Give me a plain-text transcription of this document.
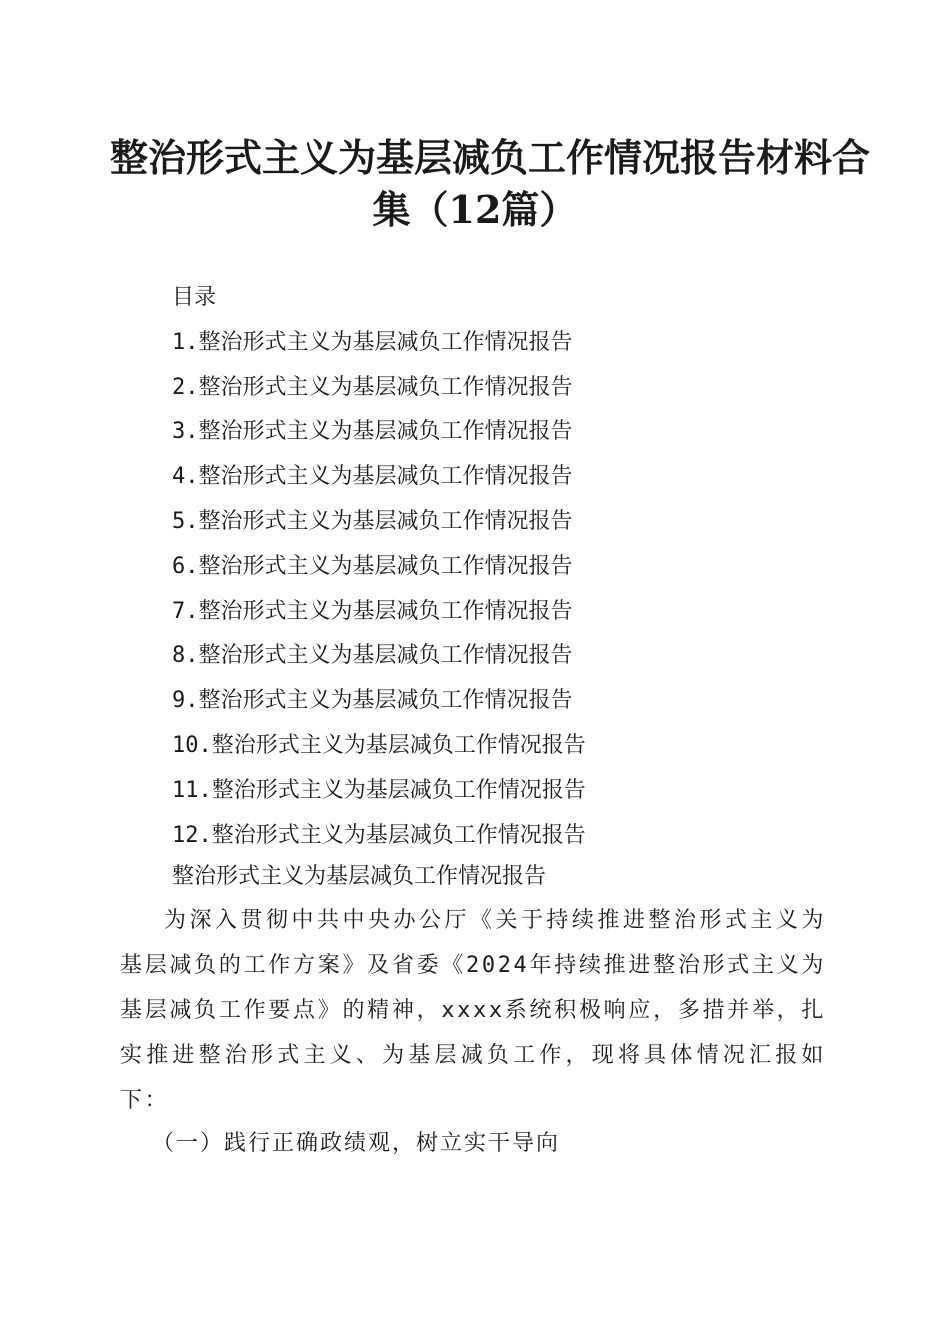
整治形式主义为基层减负工作情况报告材料合
集（12篇）
目录
1.整治形式主义为基层减负工作情况报告
2.整治形式主义为基层减负工作情况报告
3.整治形式主义为基层减负工作情况报告
4.整治形式主义为基层减负工作情况报告
5.整治形式主义为基层减负工作情况报告
6.整治形式主义为基层减负工作情况报告
7.整治形式主义为基层减负工作情况报告
8.整治形式主义为基层减负工作情况报告
9.整治形式主义为基层减负工作情况报告
10.整治形式主义为基层减负工作情况报告
11.整治形式主义为基层减负工作情况报告
12.整治形式主义为基层减负工作情况报告
整治形式主义为基层减负工作情况报告

为深入贯彻中共中央办公厅《关于持续推进整治形式主义为基层减负的工作方案》及省委《2024年持续推进整治形式主义为基层减负工作要点》的精神，xxxx系统积极响应，多措并举，扎实推进整治形式主义、为基层减负工作，现将具体情况汇报如下：

（一）践行正确政绩观，树立实干导向
